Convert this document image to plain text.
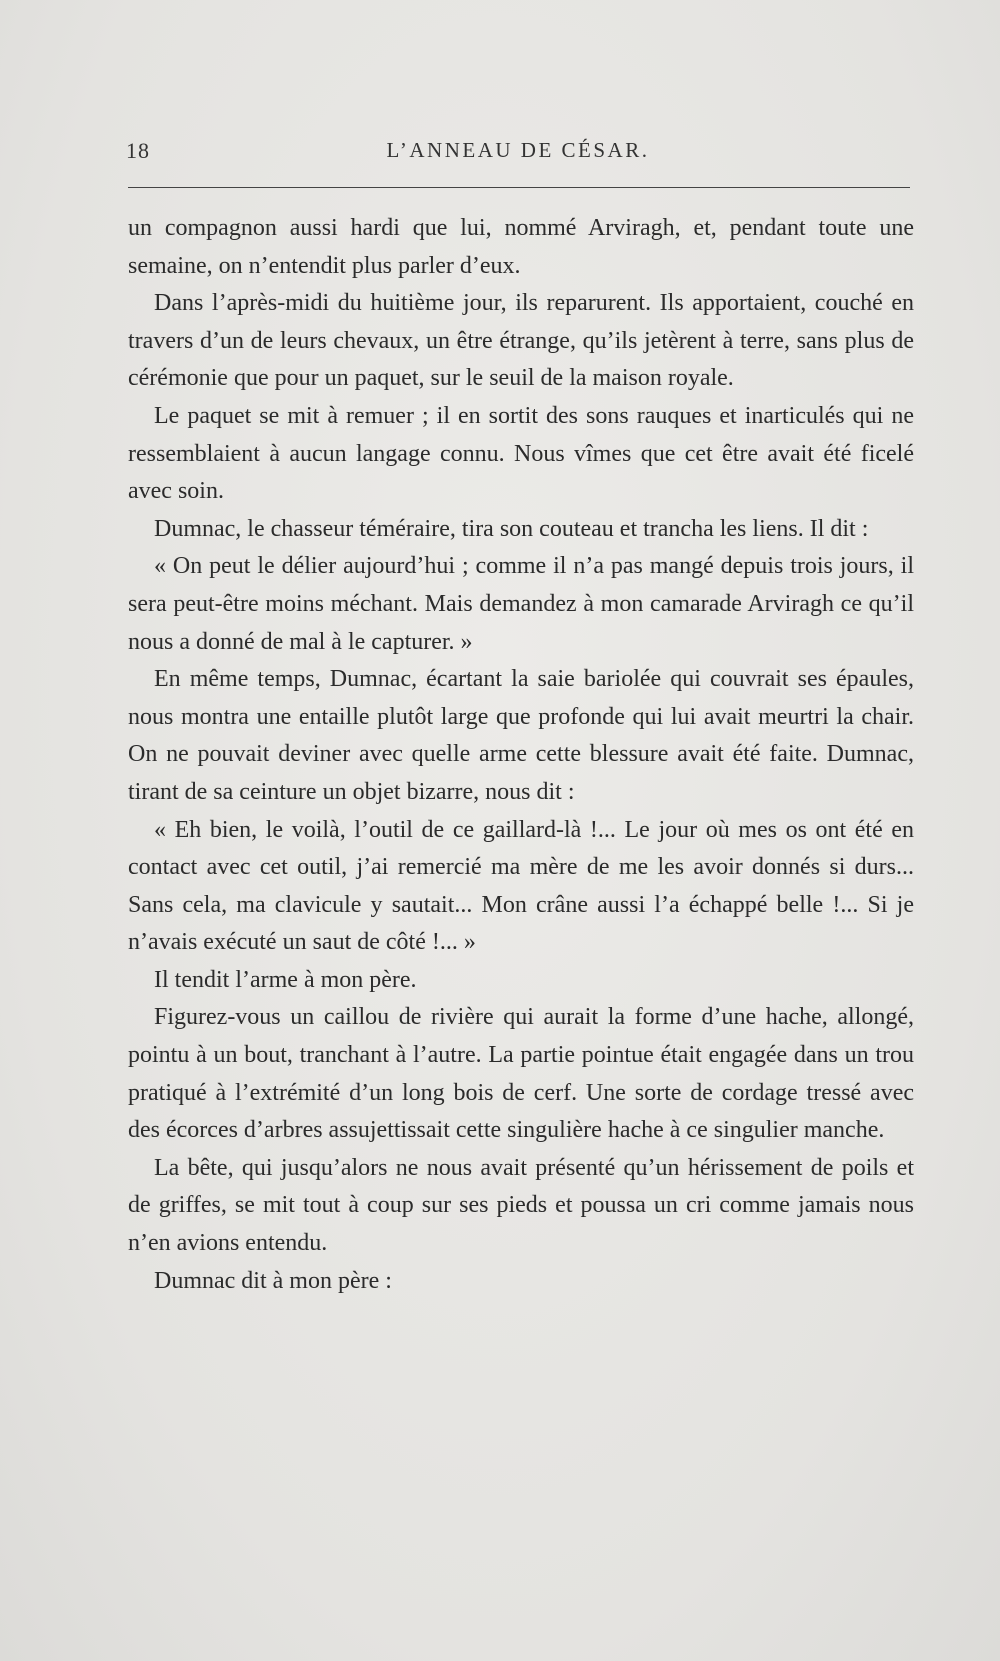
18	L’ANNEAU DE CÉSAR.

un compagnon aussi hardi que lui, nommé Arviragh, et, pendant toute une semaine, on n’entendit plus parler d’eux.

Dans l’après-midi du huitième jour, ils reparurent. Ils apportaient, couché en travers d’un de leurs chevaux, un être étrange, qu’ils jetèrent à terre, sans plus de cérémonie que pour un paquet, sur le seuil de la maison royale.

Le paquet se mit à remuer ; il en sortit des sons rauques et inarticulés qui ne ressemblaient à aucun langage connu. Nous vîmes que cet être avait été ficelé avec soin.

Dumnac, le chasseur téméraire, tira son couteau et trancha les liens. Il dit :

« On peut le délier aujourd’hui ; comme il n’a pas mangé depuis trois jours, il sera peut-être moins méchant. Mais demandez à mon camarade Arviragh ce qu’il nous a donné de mal à le capturer. »

En même temps, Dumnac, écartant la saie bariolée qui couvrait ses épaules, nous montra une entaille plutôt large que profonde qui lui avait meurtri la chair. On ne pouvait deviner avec quelle arme cette blessure avait été faite. Dumnac, tirant de sa ceinture un objet bizarre, nous dit :

« Eh bien, le voilà, l’outil de ce gaillard-là !... Le jour où mes os ont été en contact avec cet outil, j’ai remercié ma mère de me les avoir donnés si durs... Sans cela, ma clavicule y sautait... Mon crâne aussi l’a échappé belle !... Si je n’avais exécuté un saut de côté !... »

Il tendit l’arme à mon père.

Figurez-vous un caillou de rivière qui aurait la forme d’une hache, allongé, pointu à un bout, tranchant à l’autre. La partie pointue était engagée dans un trou pratiqué à l’extrémité d’un long bois de cerf. Une sorte de cordage tressé avec des écorces d’arbres assujettissait cette singulière hache à ce singulier manche.

La bête, qui jusqu’alors ne nous avait présenté qu’un hérissement de poils et de griffes, se mit tout à coup sur ses pieds et poussa un cri comme jamais nous n’en avions entendu.

Dumnac dit à mon père :
